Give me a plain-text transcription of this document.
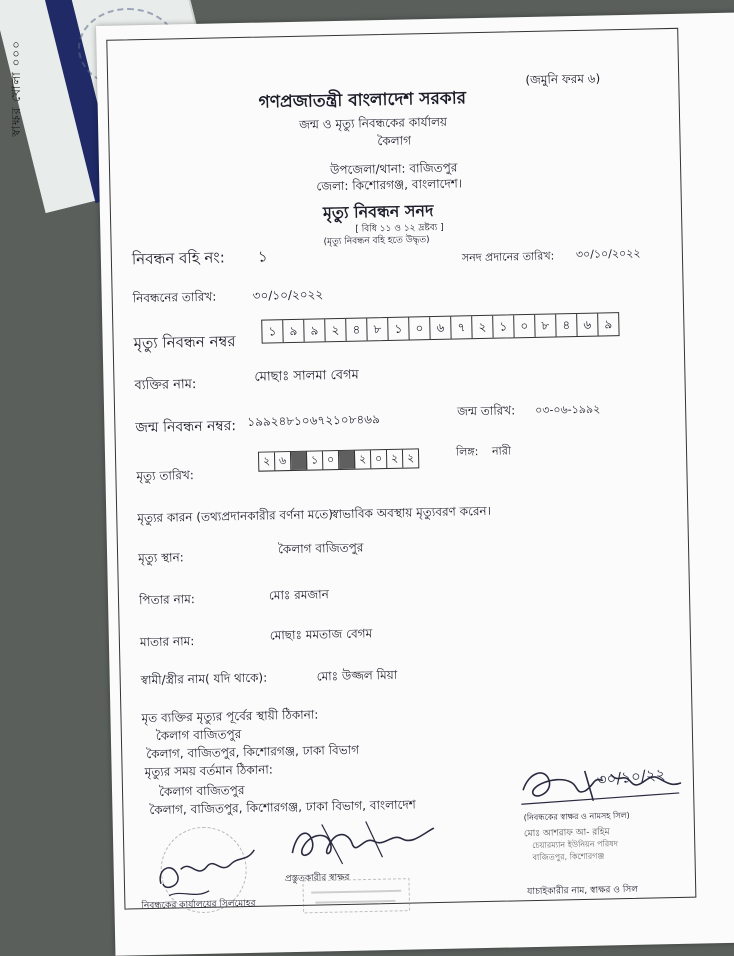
স্বাক্ষর খোলা ০০০	(জমুনি ফরম ৬)
গণপ্রজাতন্ত্রী বাংলাদেশ সরকার
জন্ম ও মৃত্যু নিবন্ধকের কার্যালয়
কৈলাগ
উপজেলা/থানা: বাজিতপুর
জেলা: কিশোরগঞ্জ, বাংলাদেশ।
মৃত্যু নিবন্ধন সনদ
[ বিধি ১১ ও ১২ দ্রষ্টব্য ]
(মৃত্যু নিবন্ধন বহি হতে উদ্ধৃত)
নিবন্ধন বহি নং: ১	সনদ প্রদানের তারিখ: ৩০/১০/২০২২
নিবন্ধনের তারিখ:	৩০/১০/২০২২
মৃত্যু নিবন্ধন নম্বর
১	৯	৯	২	৪	৮	১	০	৬	৭	২	১	০	৮	৪	৬	৯
ব্যক্তির নাম:
মোছাঃ সালমা বেগম
জন্ম নিবন্ধন নম্বর: ১৯৯২৪৮১০৬৭২১০৮৪৬৯
জন্ম তারিখ: ০৩-০৬-১৯৯২
লিঙ্গ: নারী
মৃত্যু তারিখ:
২ ৬	১ ০	২ ০ ২ ২
মৃত্যুর কারন (তথ্যপ্রদানকারীর বর্ণনা মতে)
স্বাভাবিক অবস্থায় মৃত্যুবরণ করেন।
মৃত্যু স্থান:
কৈলাগ বাজিতপুর
পিতার নাম:	মোঃ রমজান
মাতার নাম:	মোছাঃ মমতাজ বেগম
স্বামী/স্ত্রীর নাম( যদি থাকে):	মোঃ উজ্জল মিয়া
মৃত ব্যক্তির মৃত্যুর পূর্বের স্থায়ী ঠিকানা:
কৈলাগ বাজিতপুর
কৈলাগ, বাজিতপুর, কিশোরগঞ্জ, ঢাকা বিভাগ
মৃত্যুর সময় বর্তমান ঠিকানা:
কৈলাগ বাজিতপুর
কৈলাগ, বাজিতপুর, কিশোরগঞ্জ, ঢাকা বিভাগ, বাংলাদেশ
৩০/১০/২২
(নিবন্ধকের স্বাক্ষর ও নামসহ সিল)
মোঃ আশরাফ আ- রহিম
চেয়ারম্যান ইউনিয়ন পরিষদ
বাজিতপুর, কিশোরগঞ্জ
প্রস্তুতকারীর স্বাক্ষর
নিবন্ধকের কার্যালয়ের সিলমোহর
যাচাইকারীর নাম, স্বাক্ষর ও সিল
